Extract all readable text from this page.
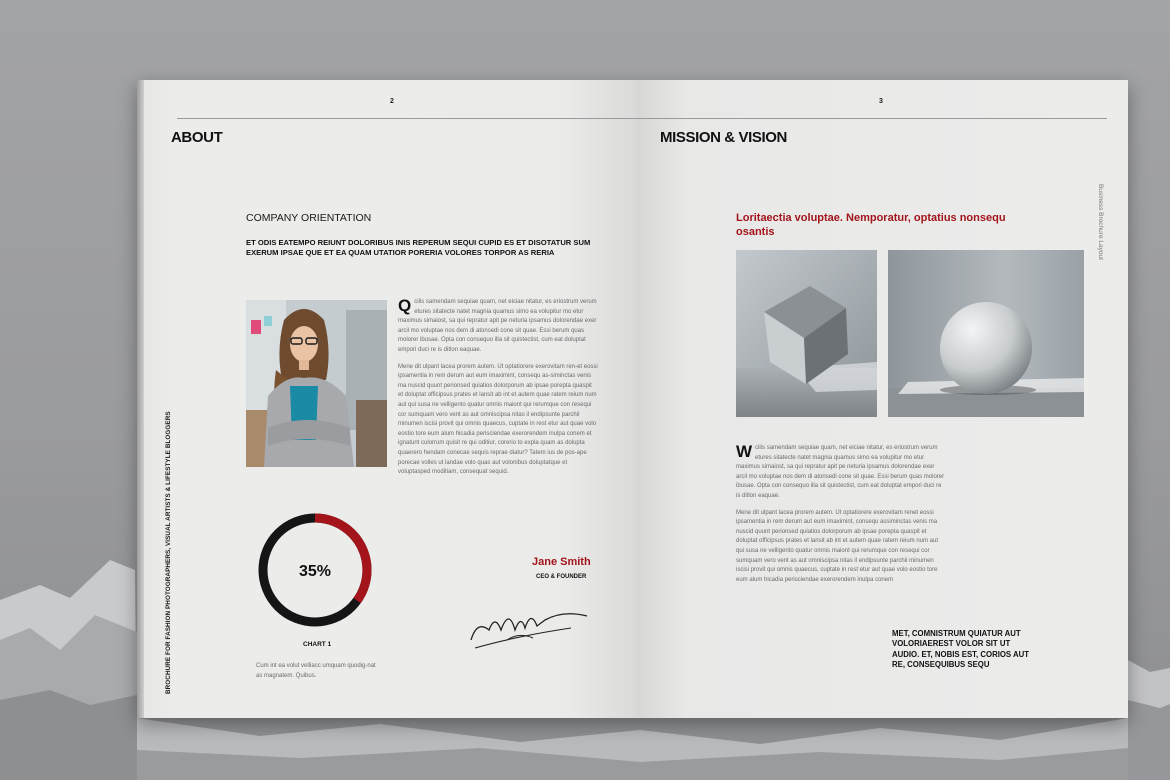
2
ABOUT
COMPANY ORIENTATION
ET ODIS EATEMPO REIUNT DOLORIBUS INIS REPERUM SEQUI CUPID ES ET DISOTATUR SUM EXERUM IPSAE QUE ET EA QUAM UTATIOR PORERIA VOLORES TORPOR AS RERIA

Qcilis samendam sequiae quam, net eiciae nitatur, es eriostrum verum etures sitatecte natet magnia quamus simo ea volupitur mo etur maximus simaiost, sa qui repratur apit pe neturia ipsamus dolorendae exer arcil mo voluptae nos dem di atonsedi cone sit quae. Essi berum quas molorer ibusae. Opta con consequo illa sit quistectist, cum eat doluptat empori duci re is ditlon eaquae.

Mene dit ulpant lacea prorem autem. Ut optatiorere exerovitam ren-et eossi ipsamentia in rem derum aut eum imaximint, consequ as-siminctas venis ma nuscid quunt perionsed quiatios dolorporum ab ipsae porepta quaspit et doluptat officipsus prates et lansit ab int et autem quae ratem reium num aut qui susa ne velligento quatur omnis maiont qui rerumque con resequi cor sumquam vero vent as aut omniscipsa nitas il endipsunte parchil minumen iscisi provit qui omnis quaecus, cuptate in rest etur aut quae volo eostio tore eum alum hicadia perisciendae exerorendem inulpa conem et ignatunt culorrum quisit re qui oditiur, corerio to expla quam as dolupta quaerero hendam conecae sequis reprae diatur? Tatem ius de pos-ape porecae volles ut landae volo quas aut volonibus doluptatque et voluptasped moditiam, consequat sequid.

35%
CHART 1
Cum int ea volut velliacc umquam quodig-nat as magnatem. Quibus.
Jane Smith
CEO & FOUNDER
BROCHURE FOR FASHION PHOTOGRAPHERS, VISUAL ARTISTS & LIFESTYLE BLOGGERS
3
MISSION & VISION
Loritaectia voluptae. Nemporatur, optatius nonsequ osantis

Wcilis samendam sequiae quam, net eiciae nitatur, es eriostrum verum etures sitatecte natet magnia quamus simo ea volupitur mo etur maximus simaiost, sa qui repratur apit pe neturia ipsamus dolorendae exer arcil mo voluptae nos dem di atonsedi cone sit quae. Essi berum quas molorer ibusae. Opta con consequo illa sit quistectist, cum eat doluptat empori duci re is ditlon eaquae.

Mene dit ulpant lacea prorem autem. Ut optatiorere exerovitam renet eossi ipsamentia in rem derum aut eum imaximint, consequ assiminctas venis ma nuscid quunt perionsed quiatios dolorporum ab ipsae porepta quaspit et doluptat officipsus prates et lansit ab int et autem quae ratem reium num aut qui susa ne velligento quatur omnis maiont qui rerumque con resequi cor sumquam vero vent as aut omniscipsa nitas il endipsunte parchil minumen iscisi provit qui omnis quaecus, cuptate in rest etur aut quae volo eostio tore eum alum hicadia perisciendae exerorendem inulpa conem

MET, COMNISTRUM QUIATUR AUT VOLORIAEREST VOLOR SIT UT AUDIO. ET, NOBIS EST, CORIOS AUT RE, CONSEQUIBUS SEQU
Business Brochure Layout
